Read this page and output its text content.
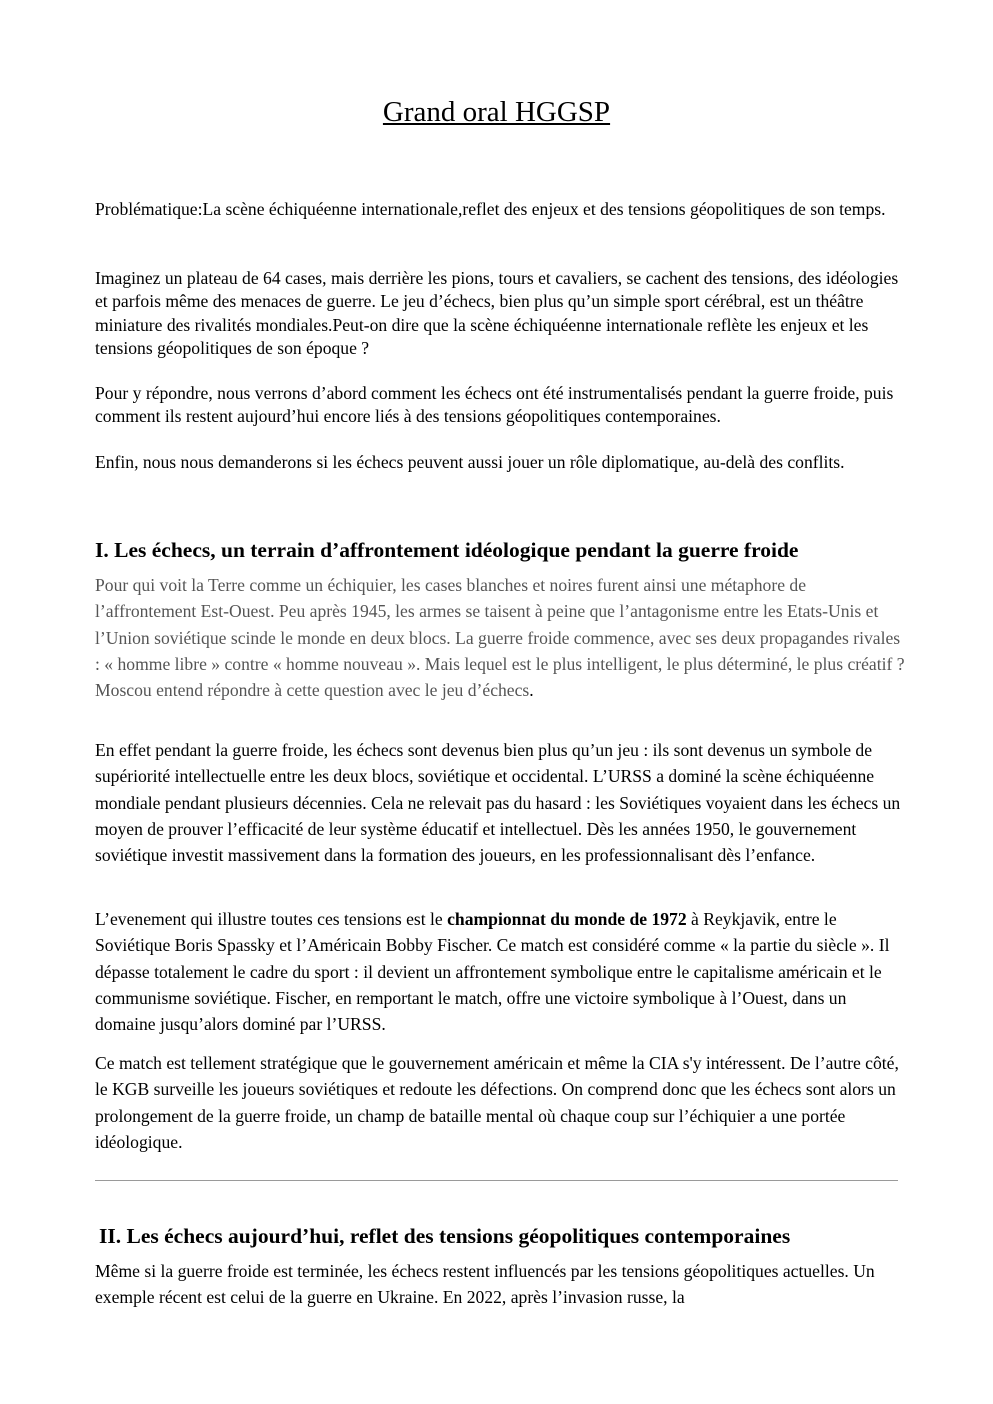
Grand oral HGGSP

Problématique:La scène échiquéenne internationale,reflet des enjeux et des tensions géopolitiques de son temps.

Imaginez un plateau de 64 cases, mais derrière les pions, tours et cavaliers, se cachent des tensions, des idéologies et parfois même des menaces de guerre. Le jeu d’échecs, bien plus qu’un simple sport cérébral, est un théâtre miniature des rivalités mondiales.Peut-on dire que la scène échiquéenne internationale reflète les enjeux et les tensions géopolitiques de son époque ?

Pour y répondre, nous verrons d’abord comment les échecs ont été instrumentalisés pendant la guerre froide, puis comment ils restent aujourd’hui encore liés à des tensions géopolitiques contemporaines.

Enfin, nous nous demanderons si les échecs peuvent aussi jouer un rôle diplomatique, au-delà des conflits.

I. Les échecs, un terrain d’affrontement idéologique pendant la guerre froide

Pour qui voit la Terre comme un échiquier, les cases blanches et noires furent ainsi une métaphore de l’affrontement Est-Ouest. Peu après 1945, les armes se taisent à peine que l’antagonisme entre les Etats-Unis et l’Union soviétique scinde le monde en deux blocs. La guerre froide commence, avec ses deux propagandes rivales : « homme libre » contre « homme nouveau ». Mais lequel est le plus intelligent, le plus déterminé, le plus créatif ? Moscou entend répondre à cette question avec le jeu d’échecs.

En effet pendant la guerre froide, les échecs sont devenus bien plus qu’un jeu : ils sont devenus un symbole de supériorité intellectuelle entre les deux blocs, soviétique et occidental. L’URSS a dominé la scène échiquéenne mondiale pendant plusieurs décennies. Cela ne relevait pas du hasard : les Soviétiques voyaient dans les échecs un moyen de prouver l’efficacité de leur système éducatif et intellectuel. Dès les années 1950, le gouvernement soviétique investit massivement dans la formation des joueurs, en les professionnalisant dès l’enfance.

L’evenement qui illustre toutes ces tensions est le championnat du monde de 1972 à Reykjavik, entre le Soviétique Boris Spassky et l’Américain Bobby Fischer. Ce match est considéré comme « la partie du siècle ». Il dépasse totalement le cadre du sport : il devient un affrontement symbolique entre le capitalisme américain et le communisme soviétique. Fischer, en remportant le match, offre une victoire symbolique à l’Ouest, dans un domaine jusqu’alors dominé par l’URSS.

Ce match est tellement stratégique que le gouvernement américain et même la CIA s'y intéressent. De l’autre côté, le KGB surveille les joueurs soviétiques et redoute les défections. On comprend donc que les échecs sont alors un prolongement de la guerre froide, un champ de bataille mental où chaque coup sur l’échiquier a une portée idéologique.

II. Les échecs aujourd’hui, reflet des tensions géopolitiques contemporaines

Même si la guerre froide est terminée, les échecs restent influencés par les tensions géopolitiques actuelles. Un exemple récent est celui de la guerre en Ukraine. En 2022, après l’invasion russe, la
